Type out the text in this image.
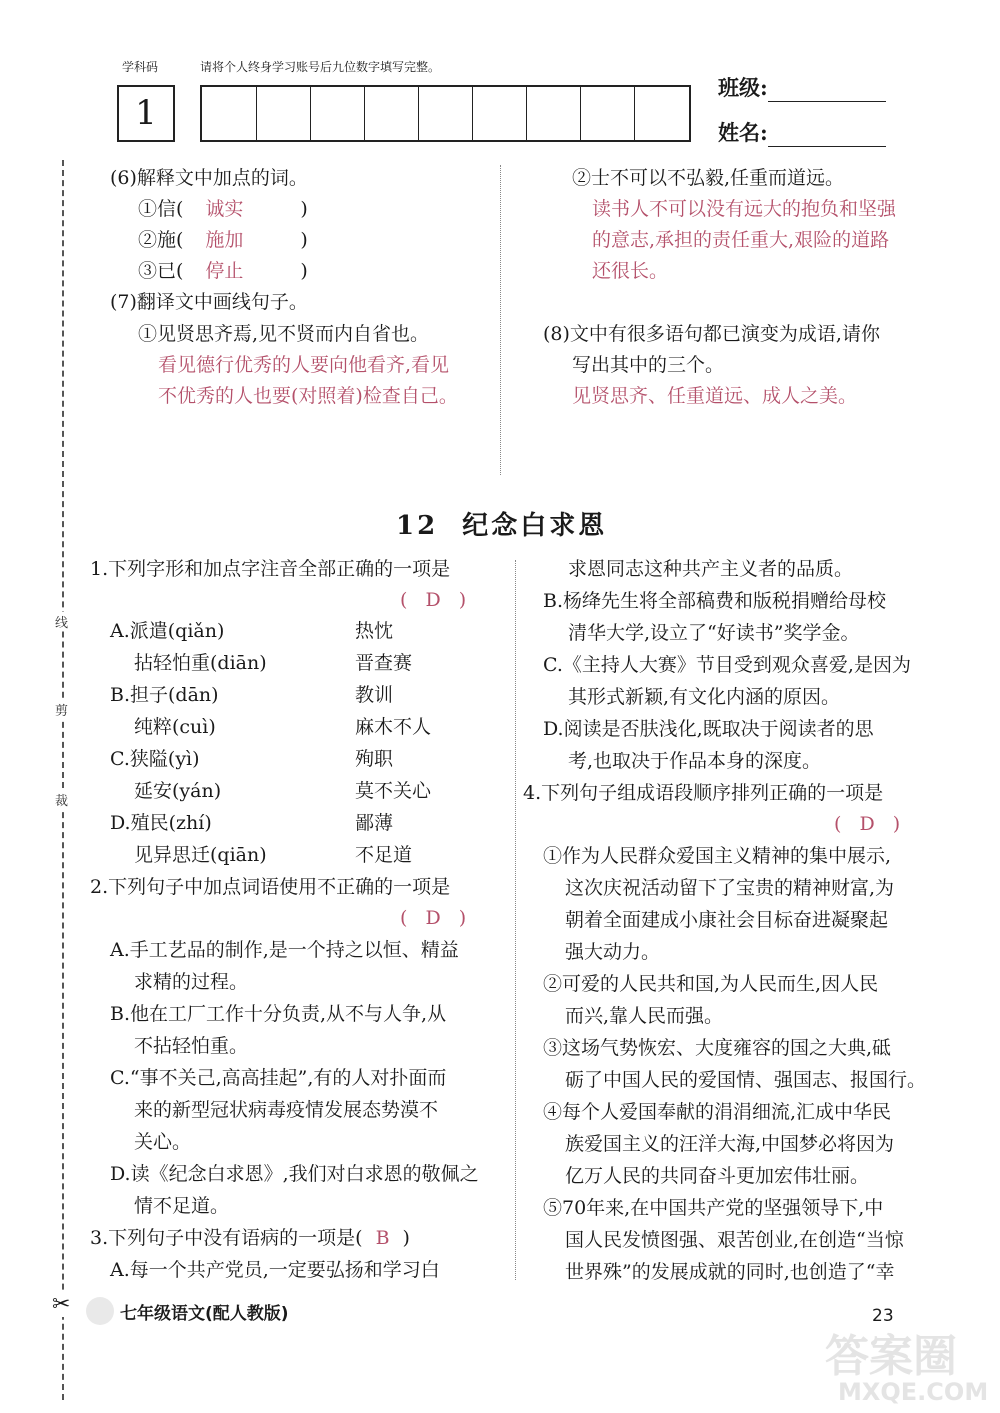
学科码	请将个人终身学习账号后九位数字填写完整。
1
班级:
姓名:
线
剪
裁
✂
(6)解释文中加点的词。
①信( 诚实	)
②施( 施加	)
③已( 停止	)
(7)翻译文中画线句子。
①见贤思齐焉,见不贤而内自省也。
看见德行优秀的人要向他看齐,看见
不优秀的人也要(对照着)检查自己。
②士不可以不弘毅,任重而道远。
读书人不可以没有远大的抱负和坚强
的意志,承担的责任重大,艰险的道路
还很长。
(8)文中有很多语句都已演变为成语,请你
写出其中的三个。
见贤思齐、任重道远、成人之美。
12 纪念白求恩
1.下列字形和加点字注音全部正确的一项是
( D )
A.派遣(qiǎn)	热忱
拈轻怕重(diān)	晋查赛
B.担子(dān)	教训
纯粹(cuì)	麻木不人
C.狭隘(yì)	殉职
延安(yán)	莫不关心
D.殖民(zhí)	鄙薄
见异思迁(qiān)	不足道
2.下列句子中加点词语使用不正确的一项是
( D )
A.手工艺品的制作,是一个持之以恒、精益
求精的过程。
B.他在工厂工作十分负责,从不与人争,从
不拈轻怕重。
C.“事不关己,高高挂起”,有的人对扑面而
来的新型冠状病毒疫情发展态势漠不
关心。
D.读《纪念白求恩》,我们对白求恩的敬佩之
情不足道。
3.下列句子中没有语病的一项是( B )
A.每一个共产党员,一定要弘扬和学习白
求恩同志这种共产主义者的品质。
B.杨绛先生将全部稿费和版税捐赠给母校
清华大学,设立了“好读书”奖学金。
C.《主持人大赛》节目受到观众喜爱,是因为
其形式新颖,有文化内涵的原因。
D.阅读是否肤浅化,既取决于阅读者的思
考,也取决于作品本身的深度。
4.下列句子组成语段顺序排列正确的一项是
( D )
①作为人民群众爱国主义精神的集中展示,
这次庆祝活动留下了宝贵的精神财富,为
朝着全面建成小康社会目标奋进凝聚起
强大动力。
②可爱的人民共和国,为人民而生,因人民
而兴,靠人民而强。
③这场气势恢宏、大度雍容的国之大典,砥
砺了中国人民的爱国情、强国志、报国行。
④每个人爱国奉献的涓涓细流,汇成中华民
族爱国主义的汪洋大海,中国梦必将因为
亿万人民的共同奋斗更加宏伟壮丽。
⑤70年来,在中国共产党的坚强领导下,中
国人民发愤图强、艰苦创业,在创造“当惊
世界殊”的发展成就的同时,也创造了“幸
七年级语文(配人教版)	23
答案圈
MXQE.COM
